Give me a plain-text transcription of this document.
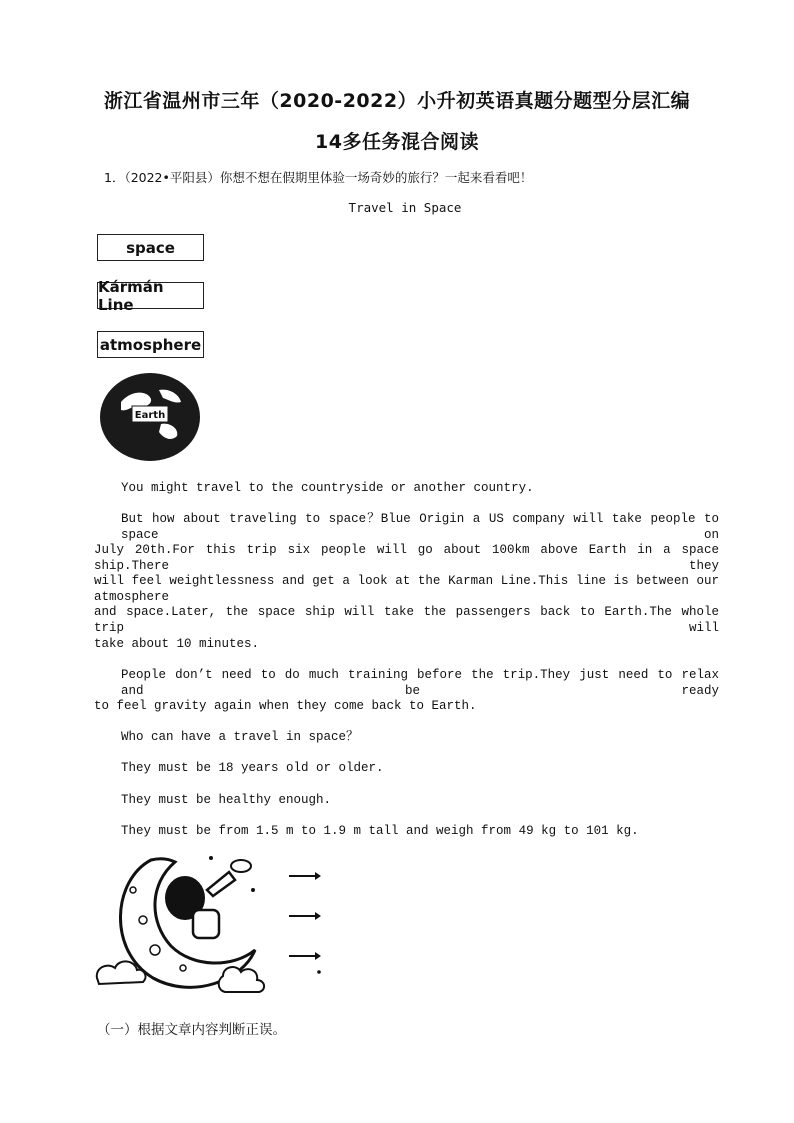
浙江省温州市三年（2020-2022）小升初英语真题分题型分层汇编
14多任务混合阅读
1．（2022•平阳县）你想不想在假期里体验一场奇妙的旅行？一起来看看吧！
Travel in Space
space
Kármán Line
atmosphere
Earth
You might travel to the countryside or another country.
But how about traveling to space？Blue Origin a US company will take people to space on
July 20th.For this trip six people will go about 100km above Earth in a space ship.There they
will feel weightlessness and get a look at the Karman Line.This line is between our atmosphere
and space.Later, the space ship will take the passengers back to Earth.The whole trip will
take about 10 minutes.
People don’t need to do much training before the trip.They just need to relax and be ready
to feel gravity again when they come back to Earth.
Who can have a travel in space？
They must be 18 years old or older.
They must be healthy enough.
They must be from 1.5 m to 1.9 m tall and weigh from 49 kg to 101 kg.
（一）根据文章内容判断正误。
